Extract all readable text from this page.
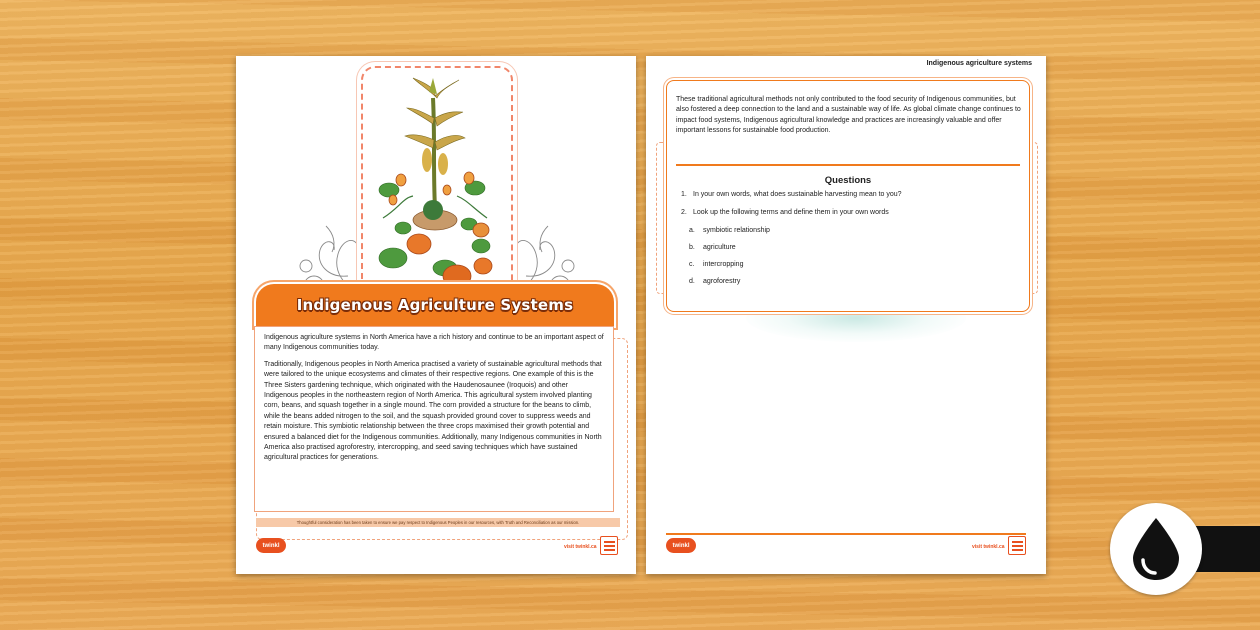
Indigenous Agriculture Systems

Indigenous agriculture systems in North America have a rich history and continue to be an important aspect of many Indigenous communities today.

Traditionally, Indigenous peoples in North America practised a variety of sustainable agricultural methods that were tailored to the unique ecosystems and climates of their respective regions. One example of this is the Three Sisters gardening technique, which originated with the Haudenosaunee (Iroquois) and other Indigenous peoples in the northeastern region of North America. This agricultural system involved planting corn, beans, and squash together in a single mound. The corn provided a structure for the beans to climb, while the beans added nitrogen to the soil, and the squash provided ground cover to suppress weeds and retain moisture. This symbiotic relationship between the three crops maximised their growth potential and ensured a balanced diet for the Indigenous communities. Additionally, many Indigenous communities in North America also practised agroforestry, intercropping, and seed saving techniques which have sustained agricultural practices for generations.

Thoughtful consideration has been taken to ensure we pay respect to Indigenous Peoples in our resources, with Truth and Reconciliation as our mission.
twinkl	visit twinkl.ca
Indigenous agriculture systems

These traditional agricultural methods not only contributed to the food security of Indigenous communities, but also fostered a deep connection to the land and a sustainable way of life. As global climate change continues to impact food systems, Indigenous agricultural knowledge and practices are increasingly valuable and offer important lessons for sustainable food production.

Questions
1. In your own words, what does sustainable harvesting mean to you?
2. Look up the following terms and define them in your own words
a. symbiotic relationship
b. agriculture
c. intercropping
d. agroforestry
twinkl	visit twinkl.ca
